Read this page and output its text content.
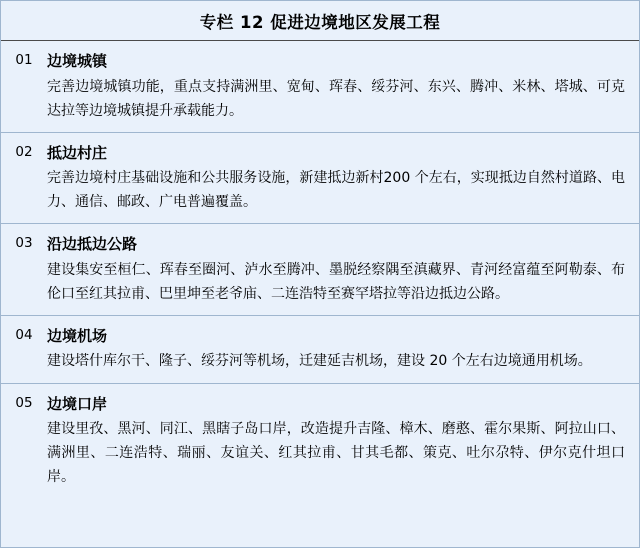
专栏 12 促进边境地区发展工程
01 边境城镇
完善边境城镇功能，重点支持满洲里、宽甸、珲春、绥芬河、东兴、腾冲、米林、塔城、可克达拉等边境城镇提升承载能力。
02 抵边村庄
完善边境村庄基础设施和公共服务设施，新建抵边新村200 个左右，实现抵边自然村道路、电力、通信、邮政、广电普遍覆盖。
03 沿边抵边公路
建设集安至桓仁、珲春至圈河、泸水至腾冲、墨脱经察隅至滇藏界、青河经富蕴至阿勒泰、布伦口至红其拉甫、巴里坤至老爷庙、二连浩特至赛罕塔拉等沿边抵边公路。
04 边境机场
建设塔什库尔干、隆子、绥芬河等机场，迁建延吉机场，建设 20 个左右边境通用机场。
05 边境口岸
建设里孜、黑河、同江、黑瞎子岛口岸，改造提升吉隆、樟木、磨憨、霍尔果斯、阿拉山口、满洲里、二连浩特、瑞丽、友谊关、红其拉甫、甘其毛都、策克、吐尔尕特、伊尔克什坦口岸。
